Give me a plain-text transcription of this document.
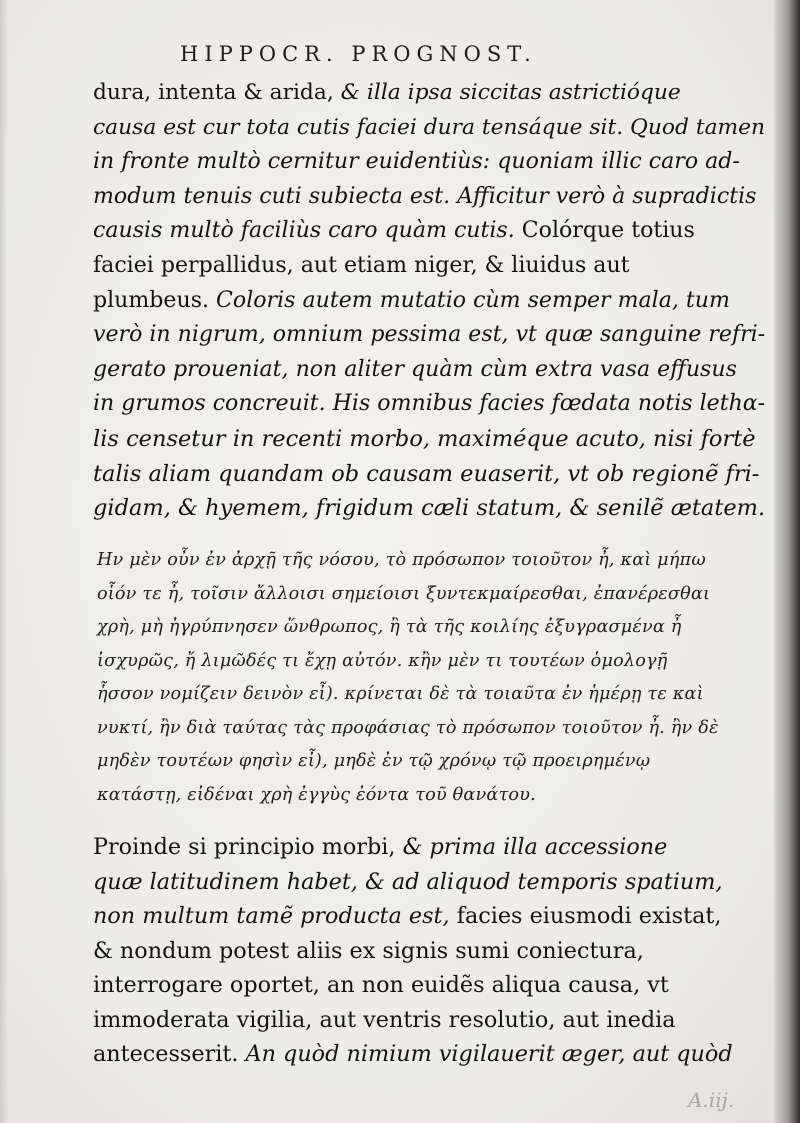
HIPPOCR. PROGNOST.
dura, intenta & arida, & illa ipsa siccitas astrictióque
causa est cur tota cutis faciei dura tensáque sit. Quod tamen
in fronte multò cernitur euidentiùs: quoniam illic caro ad-
modum tenuis cuti subiecta est. Afficitur verò à supradictis
causis multò faciliùs caro quàm cutis. Colórque totius
faciei perpallidus, aut etiam niger, & liuidus aut
plumbeus. Coloris autem mutatio cùm semper mala, tum
verò in nigrum, omnium pessima est, vt quæ sanguine refri-
gerato proueniat, non aliter quàm cùm extra vasa effusus
in grumos concreuit. His omnibus facies fœdata notis lethα-
lis censetur in recenti morbo, maximéque acuto, nisi fortè
talis aliam quandam ob causam euaserit, vt ob regionẽ fri-
gidam, & hyemem, frigidum cæli statum, & senilẽ ætatem.
Ην μὲν οὖν ἐν ἀρχῇ τῆς νόσου, τὸ πρόσωπον τοιοῦτον ἦ, καὶ μήπω
οἷόν τε ἦ, τοῖσιν ἄλλοισι σημείοισι ξυντεκμαίρεσθαι, ἐπανέρεσθαι
χρὴ, μὴ ἠγρύπνησεν ὥνθρωπος, ἢ τὰ τῆς κοιλίης ἐξυγρασμένα ἦ
ἰσχυρῶς, ἤ λιμῶδές τι ἔχῃ αὐτόν. κἢν μὲν τι τουτέων ὁμολογῇ
ἧσσον νομίζειν δεινὸν εἶ). κρίνεται δὲ τὰ τοιαῦτα ἐν ἡμέρῃ τε καὶ
νυκτί, ἢν διὰ ταύτας τὰς προφάσιας τὸ πρόσωπον τοιοῦτον ἦ. ἢν δὲ
μηδὲν τουτέων φησὶν εἶ), μηδὲ ἐν τῷ χρόνῳ τῷ προειρημένῳ
κατάστῃ, εἰδέναι χρὴ ἐγγὺς ἐόντα τοῦ θανάτου.
Proinde si principio morbi, & prima illa accessione
quæ latitudinem habet, & ad aliquod temporis spatium,
non multum tamẽ producta est, facies eiusmodi existat,
& nondum potest aliis ex signis sumi coniectura,
interrogare oportet, an non euidẽs aliqua causa, vt
immoderata vigilia, aut ventris resolutio, aut inedia
antecesserit. An quòd nimium vigilauerit æger, aut quòd
A.iij.
